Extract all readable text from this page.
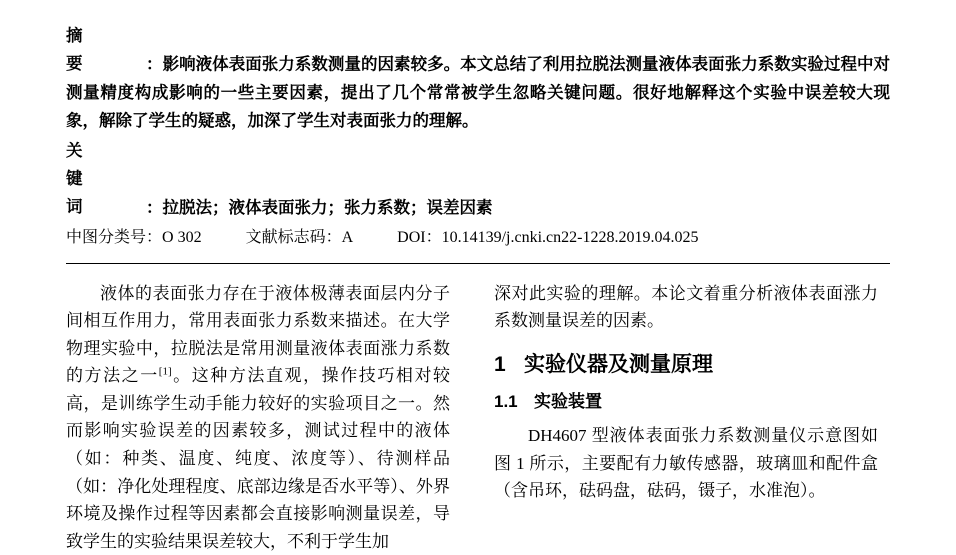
摘　　要	：影响液体表面张力系数测量的因素较多。本文总结了利用拉脱法测量液体表面张力系数实验过程中对测量精度构成影响的一些主要因素，提出了几个常常被学生忽略关键问题。很好地解释这个实验中误差较大现象，解除了学生的疑惑，加深了学生对表面张力的理解。
关　键　词	：拉脱法；液体表面张力；张力系数；误差因素
中图分类号：O 302	文献标志码：A	DOI：10.14139/j.cnki.cn22-1228.2019.04.025

液体的表面张力存在于液体极薄表面层内分子间相互作用力，常用表面张力系数来描述。在大学物理实验中，拉脱法是常用测量液体表面涨力系数的方法之一[1]。这种方法直观，操作技巧相对较高，是训练学生动手能力较好的实验项目之一。然而影响实验误差的因素较多，测试过程中的液体（如：种类、温度、纯度、浓度等）、待测样品（如：净化处理程度、底部边缘是否水平等）、外界环境及操作过程等因素都会直接影响测量误差，导致学生的实验结果误差较大，不利于学生加

深对此实验的理解。本论文着重分析液体表面涨力系数测量误差的因素。

1 实验仪器及测量原理
1.1 实验装置

DH4607 型液体表面张力系数测量仪示意图如图 1 所示，主要配有力敏传感器，玻璃皿和配件盒（含吊环，砝码盘，砝码，镊子，水准泡）。
